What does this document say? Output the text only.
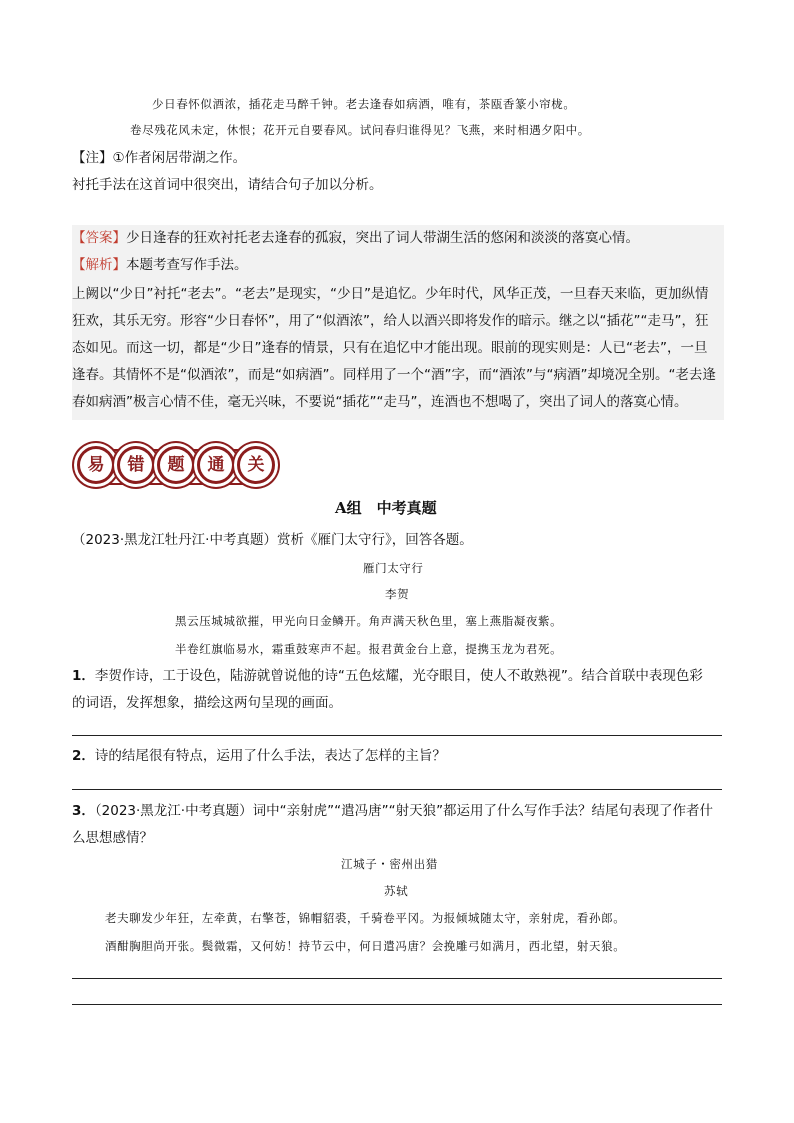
少日春怀似酒浓，插花走马醉千钟。老去逢春如病酒，唯有，茶瓯香篆小帘栊。
卷尽残花风未定，休恨；花开元自要春风。试问春归谁得见？飞燕，来时相遇夕阳中。
【注】①作者闲居带湖之作。
衬托手法在这首词中很突出，请结合句子加以分析。
【答案】少日逢春的狂欢衬托老去逢春的孤寂，突出了词人带湖生活的悠闲和淡淡的落寞心情。
【解析】本题考查写作手法。
上阙以“少日”衬托“老去”。“老去”是现实，“少日”是追忆。少年时代，风华正茂，一旦春天来临，更加纵情
狂欢，其乐无穷。形容“少日春怀”，用了“似酒浓”，给人以酒兴即将发作的暗示。继之以“插花”“走马”，狂
态如见。而这一切，都是“少日”逢春的情景，只有在追忆中才能出现。眼前的现实则是：人已“老去”，一旦
逢春。其情怀不是“似酒浓”，而是“如病酒”。同样用了一个“酒”字，而“酒浓”与“病酒”却境况全别。“老去逢
春如病酒”极言心情不佳，毫无兴味，不要说“插花”“走马”，连酒也不想喝了，突出了词人的落寞心情。
易	错	题	通	关
A组　中考真题
（2023·黑龙江牡丹江·中考真题）赏析《雁门太守行》，回答各题。
雁门太守行
李贺
黑云压城城欲摧，甲光向日金鳞开。角声满天秋色里，塞上燕脂凝夜紫。
半卷红旗临易水，霜重鼓寒声不起。报君黄金台上意，提携玉龙为君死。
1．李贺作诗，工于设色，陆游就曾说他的诗“五色炫耀，光夺眼目，使人不敢熟视”。结合首联中表现色彩
的词语，发挥想象，描绘这两句呈现的画面。
2．诗的结尾很有特点，运用了什么手法，表达了怎样的主旨？
3．（2023·黑龙江·中考真题）词中“亲射虎”“遣冯唐”“射天狼”都运用了什么写作手法？结尾句表现了作者什
么思想感情？
江城子・密州出猎
苏轼
老夫聊发少年狂，左牵黄，右擎苍，锦帽貂裘，千骑卷平冈。为报倾城随太守，亲射虎，看孙郎。
酒酣胸胆尚开张。鬓微霜，又何妨！持节云中，何日遣冯唐？会挽雕弓如满月，西北望，射天狼。
